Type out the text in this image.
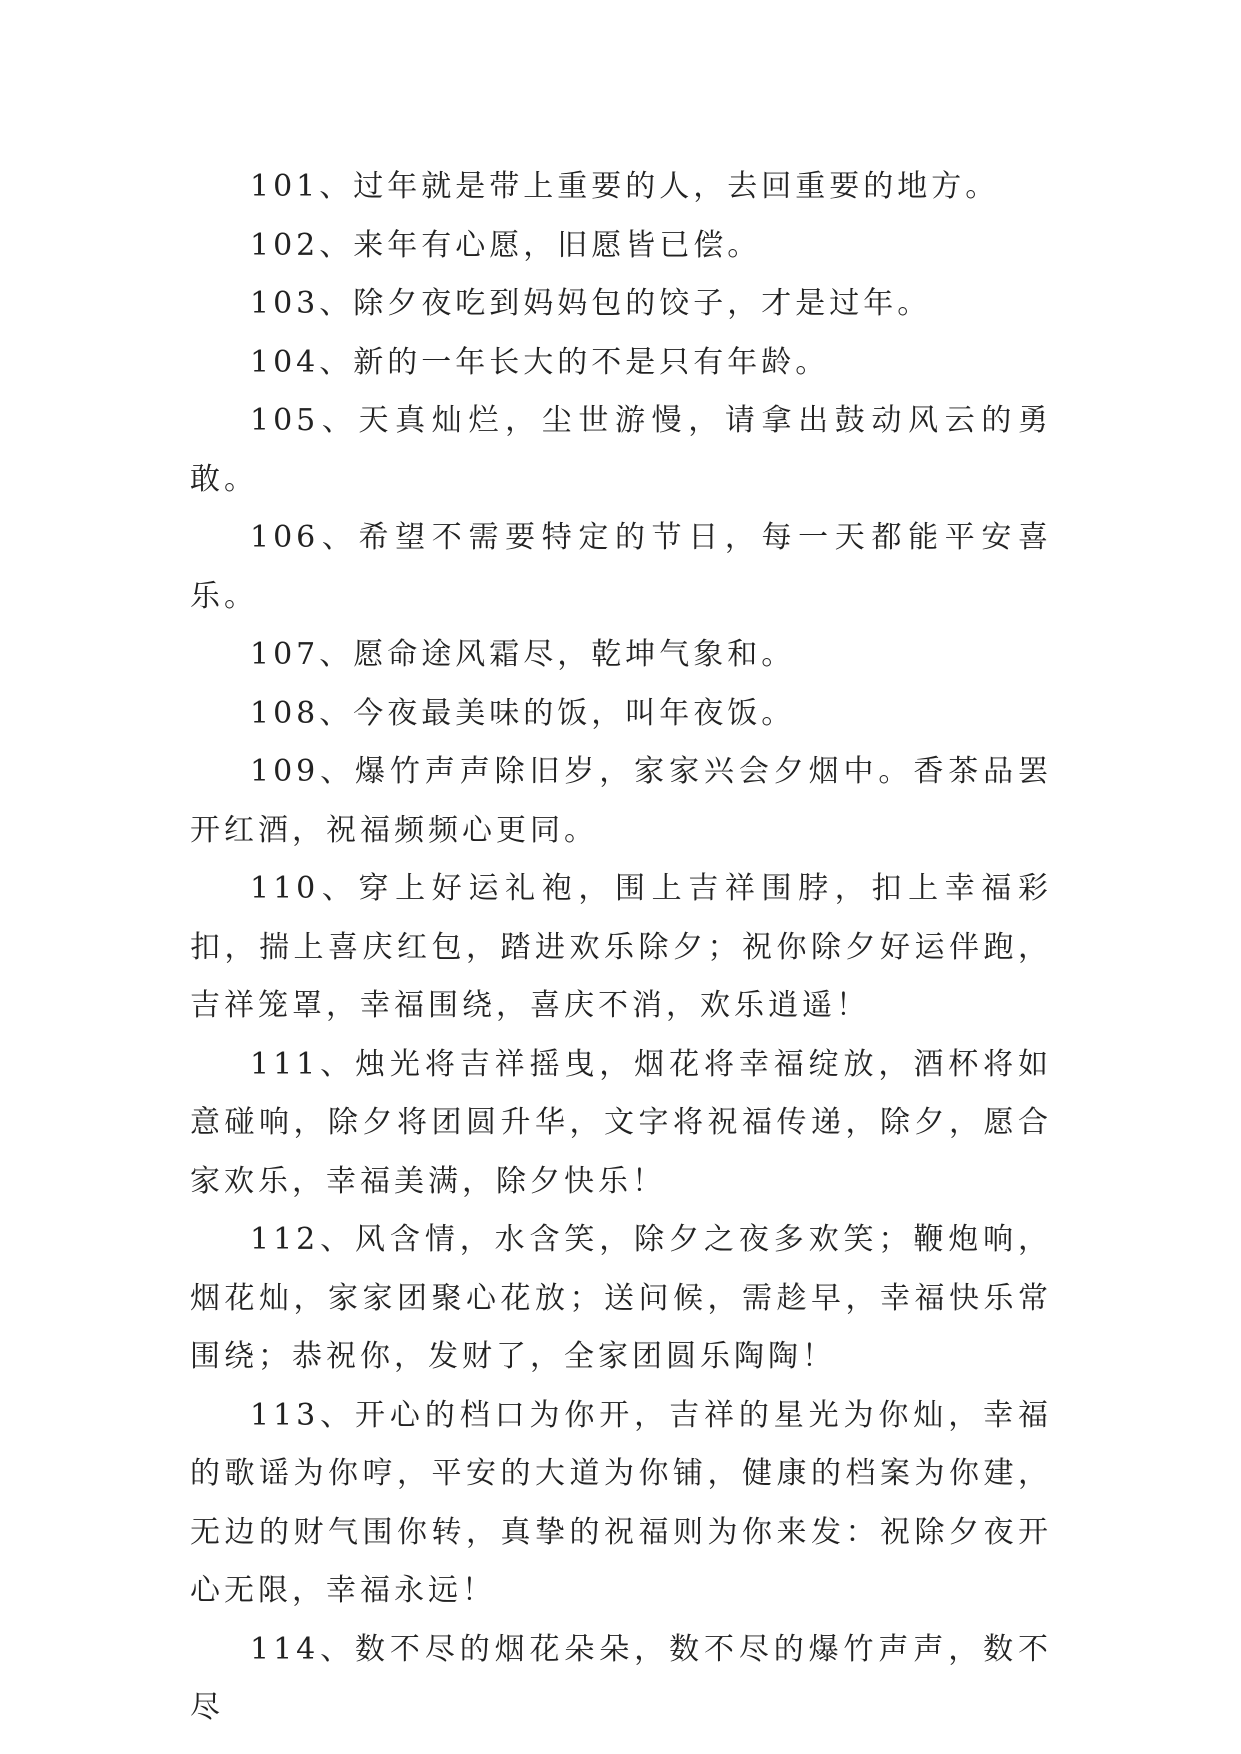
101、过年就是带上重要的人，去回重要的地方。

102、来年有心愿，旧愿皆已偿。

103、除夕夜吃到妈妈包的饺子，才是过年。

104、新的一年长大的不是只有年龄。

105、天真灿烂，尘世游慢，请拿出鼓动风云的勇敢。

106、希望不需要特定的节日，每一天都能平安喜乐。

107、愿命途风霜尽，乾坤气象和。

108、今夜最美味的饭，叫年夜饭。

109、爆竹声声除旧岁，家家兴会夕烟中。香茶品罢开红酒，祝福频频心更同。

110、穿上好运礼袍，围上吉祥围脖，扣上幸福彩扣，揣上喜庆红包，踏进欢乐除夕；祝你除夕好运伴跑，吉祥笼罩，幸福围绕，喜庆不消，欢乐逍遥！

111、烛光将吉祥摇曳，烟花将幸福绽放，酒杯将如意碰响，除夕将团圆升华，文字将祝福传递，除夕，愿合家欢乐，幸福美满，除夕快乐！

112、风含情，水含笑，除夕之夜多欢笑；鞭炮响，烟花灿，家家团聚心花放；送问候，需趁早，幸福快乐常围绕；恭祝你，发财了，全家团圆乐陶陶！

113、开心的档口为你开，吉祥的星光为你灿，幸福的歌谣为你哼，平安的大道为你铺，健康的档案为你建，无边的财气围你转，真挚的祝福则为你来发：祝除夕夜开心无限，幸福永远！

114、数不尽的烟花朵朵，数不尽的爆竹声声，数不尽
